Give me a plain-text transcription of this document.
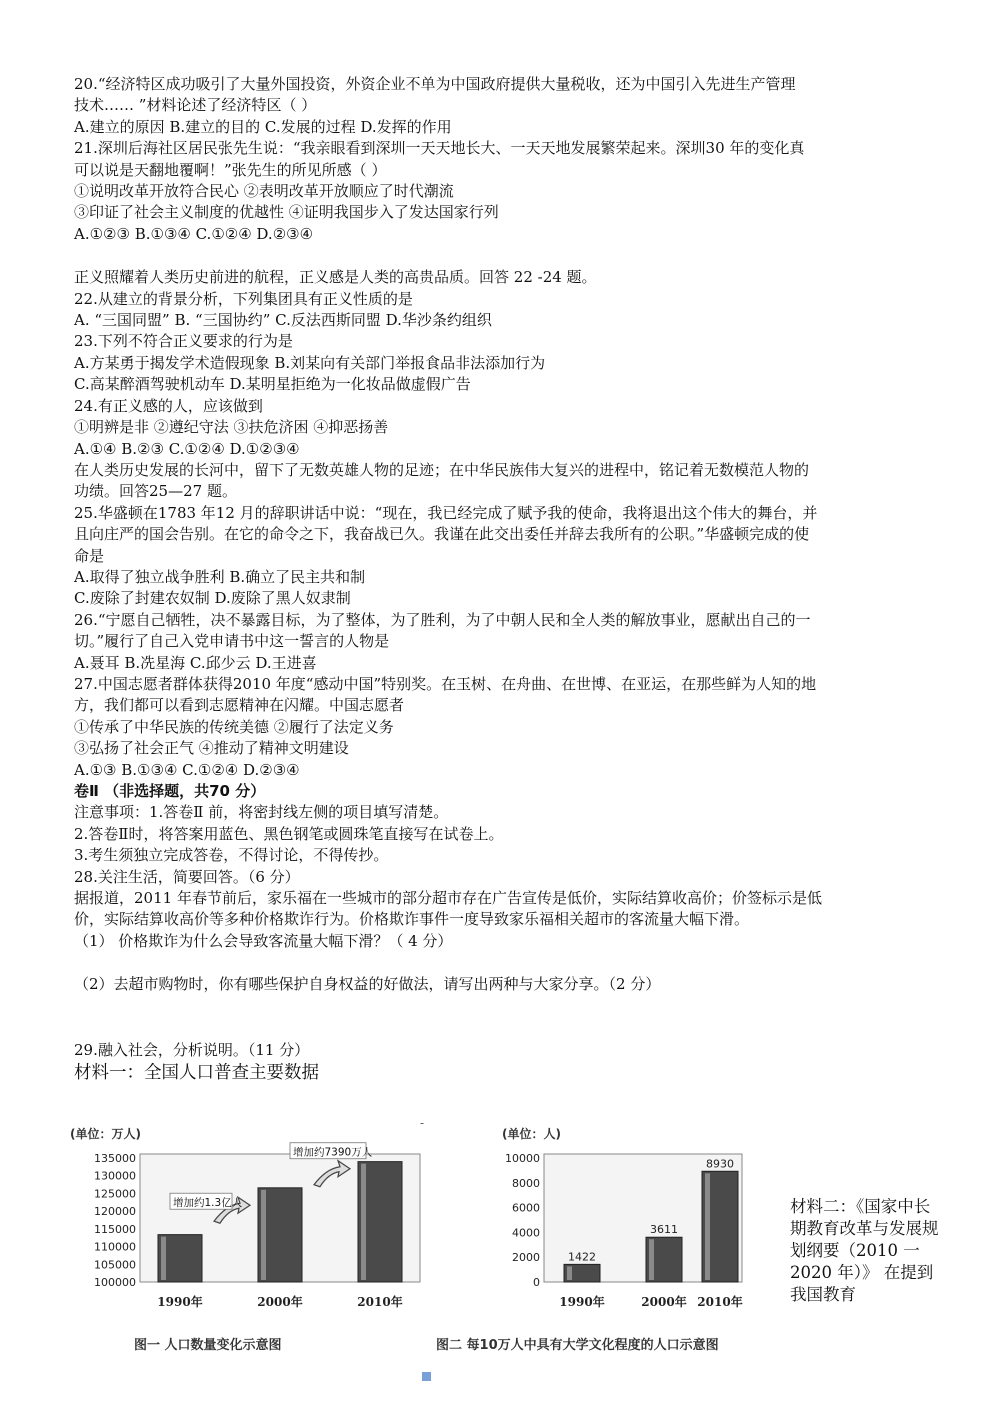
20.“经济特区成功吸引了大量外国投资，外资企业不单为中国政府提供大量税收，还为中国引入先进生产管理

技术…… ”材料论述了经济特区（ ）

A.建立的原因 B.建立的目的 C.发展的过程 D.发挥的作用

21.深圳后海社区居民张先生说：“我亲眼看到深圳一天天地长大、一天天地发展繁荣起来。深圳30 年的变化真

可以说是天翻地覆啊！”张先生的所见所感（ ）

①说明改革开放符合民心 ②表明改革开放顺应了时代潮流

③印证了社会主义制度的优越性 ④证明我国步入了发达国家行列

A.①②③ B.①③④ C.①②④ D.②③④

正义照耀着人类历史前进的航程，正义感是人类的高贵品质。回答 22 -24 题。

22.从建立的背景分析，下列集团具有正义性质的是

A. “三国同盟” B. “三国协约” C.反法西斯同盟 D.华沙条约组织

23.下列不符合正义要求的行为是

A.方某勇于揭发学术造假现象 B.刘某向有关部门举报食品非法添加行为

C.高某醉酒驾驶机动车 D.某明星拒绝为一化妆品做虚假广告

24.有正义感的人，应该做到

①明辨是非 ②遵纪守法 ③扶危济困 ④抑恶扬善

A.①④ B.②③ C.①②④ D.①②③④

在人类历史发展的长河中，留下了无数英雄人物的足迹；在中华民族伟大复兴的进程中，铭记着无数模范人物的

功绩。回答25—27 题。

25.华盛顿在1783 年12 月的辞职讲话中说：“现在，我已经完成了赋予我的使命，我将退出这个伟大的舞台，并

且向庄严的国会告别。在它的命令之下，我奋战已久。我谨在此交出委任并辞去我所有的公职。”华盛顿完成的使

命是

A.取得了独立战争胜利 B.确立了民主共和制

C.废除了封建农奴制 D.废除了黑人奴隶制

26.“宁愿自己牺牲，决不暴露目标，为了整体，为了胜利，为了中朝人民和全人类的解放事业，愿献出自己的一

切。”履行了自己入党申请书中这一誓言的人物是

A.聂耳 B.冼星海 C.邱少云 D.王进喜

27.中国志愿者群体获得2010 年度“感动中国”特别奖。在玉树、在舟曲、在世博、在亚运，在那些鲜为人知的地

方，我们都可以看到志愿精神在闪耀。中国志愿者

①传承了中华民族的传统美德 ②履行了法定义务

③弘扬了社会正气 ④推动了精神文明建设

A.①③ B.①③④ C.①②④ D.②③④

卷Ⅱ （非选择题，共70 分）

注意事项：1.答卷Ⅱ 前，将密封线左侧的项目填写清楚。

2.答卷Ⅱ时，将答案用蓝色、黑色钢笔或圆珠笔直接写在试卷上。

3.考生须独立完成答卷，不得讨论，不得传抄。

28.关注生活，简要回答。（6 分）

据报道，2011 年春节前后，家乐福在一些城市的部分超市存在广告宣传是低价，实际结算收高价；价签标示是低

价，实际结算收高价等多种价格欺诈行为。价格欺诈事件一度导致家乐福相关超市的客流量大幅下滑。

（1） 价格欺诈为什么会导致客流量大幅下滑？（ 4 分）

（2）去超市购物时，你有哪些保护自身权益的好做法，请写出两种与大家分享。（2 分）

29.融入社会，分析说明。（11 分）

材料一：全国人口普查主要数据

-
(单位：万人)
135000
130000
125000
120000
115000
110000
105000
100000
1990年	2000年	2010年
增加约1.3亿人
增加约7390万人
(单位：人)
10000
8000
6000
4000
2000
0
1990年
1422
2000年
3611
2010年
8930
图一 人口数量变化示意图	图二 每10万人中具有大学文化程度的人口示意图
材料二：《国家中长期教育改革与发展规划纲要（2010 一 2020 年）》 在提到我国教育
